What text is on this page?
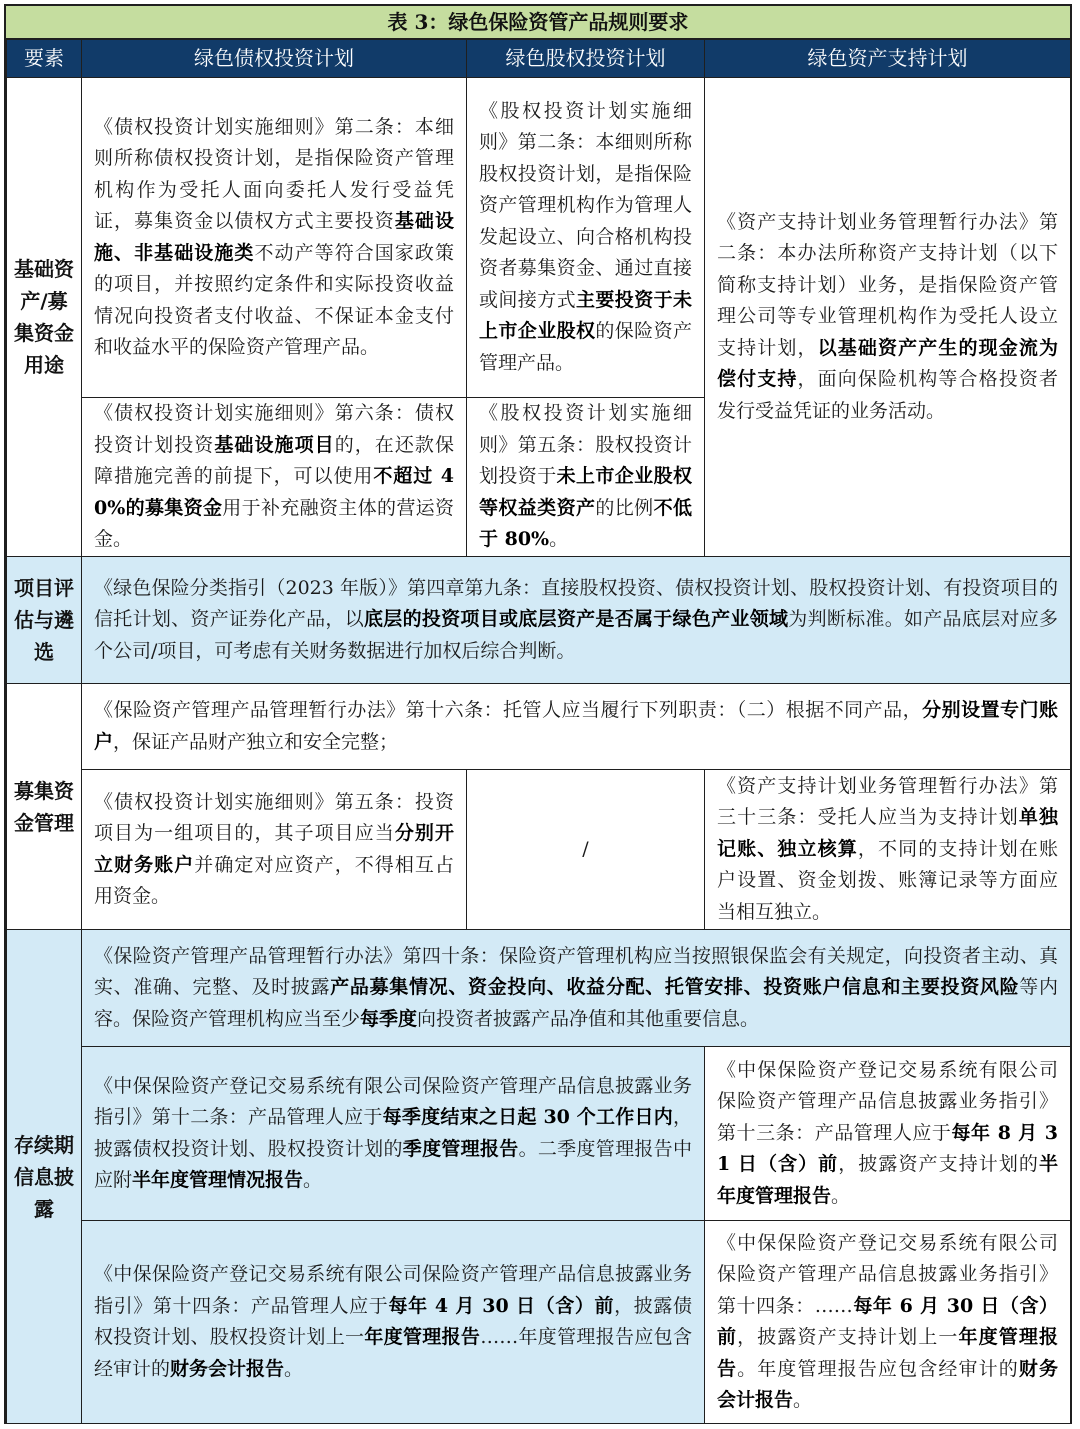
表 3：绿色保险资管产品规则要求
要素	绿色债权投资计划	绿色股权投资计划	绿色资产支持计划
基础资产/募集资金用途	《债权投资计划实施细则》第二条：本细则所称债权投资计划，是指保险资产管理机构作为受托人面向委托人发行受益凭证，募集资金以债权方式主要投资基础设施、非基础设施类不动产等符合国家政策的项目，并按照约定条件和实际投资收益情况向投资者支付收益、不保证本金支付和收益水平的保险资产管理产品。	《股权投资计划实施细则》第二条：本细则所称股权投资计划，是指保险资产管理机构作为管理人发起设立、向合格机构投资者募集资金、通过直接或间接方式主要投资于未上市企业股权的保险资产管理产品。	《资产支持计划业务管理暂行办法》第二条：本办法所称资产支持计划（以下简称支持计划）业务，是指保险资产管理公司等专业管理机构作为受托人设立支持计划，以基础资产产生的现金流为偿付支持，面向保险机构等合格投资者发行受益凭证的业务活动。
	《债权投资计划实施细则》第六条：债权投资计划投资基础设施项目的，在还款保障措施完善的前提下，可以使用不超过 40%的募集资金用于补充融资主体的营运资金。	《股权投资计划实施细则》第五条：股权投资计划投资于未上市企业股权等权益类资产的比例不低于 80%。	
项目评估与遴选	《绿色保险分类指引（2023 年版）》第四章第九条：直接股权投资、债权投资计划、股权投资计划、有投资项目的信托计划、资产证券化产品，以底层的投资项目或底层资产是否属于绿色产业领域为判断标准。如产品底层对应多个公司/项目，可考虑有关财务数据进行加权后综合判断。		
募集资金管理	《保险资产管理产品管理暂行办法》第十六条：托管人应当履行下列职责：（二）根据不同产品，分别设置专门账户，保证产品财产独立和安全完整；		
	《债权投资计划实施细则》第五条：投资项目为一组项目的，其子项目应当分别开立财务账户并确定对应资产，不得相互占用资金。	/	《资产支持计划业务管理暂行办法》第三十三条：受托人应当为支持计划单独记账、独立核算，不同的支持计划在账户设置、资金划拨、账簿记录等方面应当相互独立。
存续期信息披露	《保险资产管理产品管理暂行办法》第四十条：保险资产管理机构应当按照银保监会有关规定，向投资者主动、真实、准确、完整、及时披露产品募集情况、资金投向、收益分配、托管安排、投资账户信息和主要投资风险等内容。保险资产管理机构应当至少每季度向投资者披露产品净值和其他重要信息。		
	《中保保险资产登记交易系统有限公司保险资产管理产品信息披露业务指引》第十二条：产品管理人应于每季度结束之日起 30 个工作日内，披露债权投资计划、股权投资计划的季度管理报告。二季度管理报告中应附半年度管理情况报告。		《中保保险资产登记交易系统有限公司保险资产管理产品信息披露业务指引》第十三条：产品管理人应于每年 8 月 31 日（含）前，披露资产支持计划的半年度管理报告。
	《中保保险资产登记交易系统有限公司保险资产管理产品信息披露业务指引》第十四条：产品管理人应于每年 4 月 30 日（含）前，披露债权投资计划、股权投资计划上一年度管理报告……年度管理报告应包含经审计的财务会计报告。		《中保保险资产登记交易系统有限公司保险资产管理产品信息披露业务指引》第十四条：……每年 6 月 30 日（含）前，披露资产支持计划上一年度管理报告。年度管理报告应包含经审计的财务会计报告。
